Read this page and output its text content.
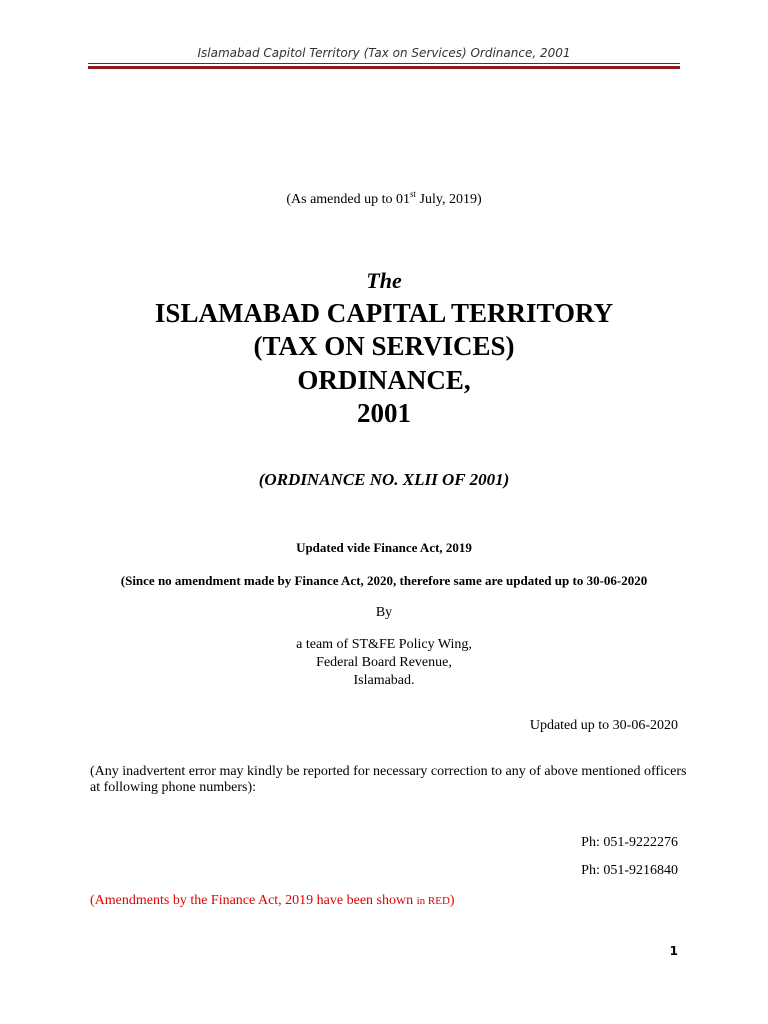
Islamabad Capitol Territory (Tax on Services) Ordinance, 2001
(As amended up to 01st July, 2019)
The
ISLAMABAD CAPITAL TERRITORY
(TAX ON SERVICES)
ORDINANCE,
2001
(ORDINANCE NO. XLII OF 2001)
Updated vide Finance Act, 2019
(Since no amendment made by Finance Act, 2020, therefore same are updated up to 30-06-2020
By
a team of ST&FE Policy Wing,
Federal Board Revenue,
Islamabad.
Updated up to 30-06-2020
(Any inadvertent error may kindly be reported for necessary correction to any of above mentioned officers at following phone numbers):
Ph: 051-9222276
Ph: 051-9216840
(Amendments by the Finance Act, 2019 have been shown in RED)
1
